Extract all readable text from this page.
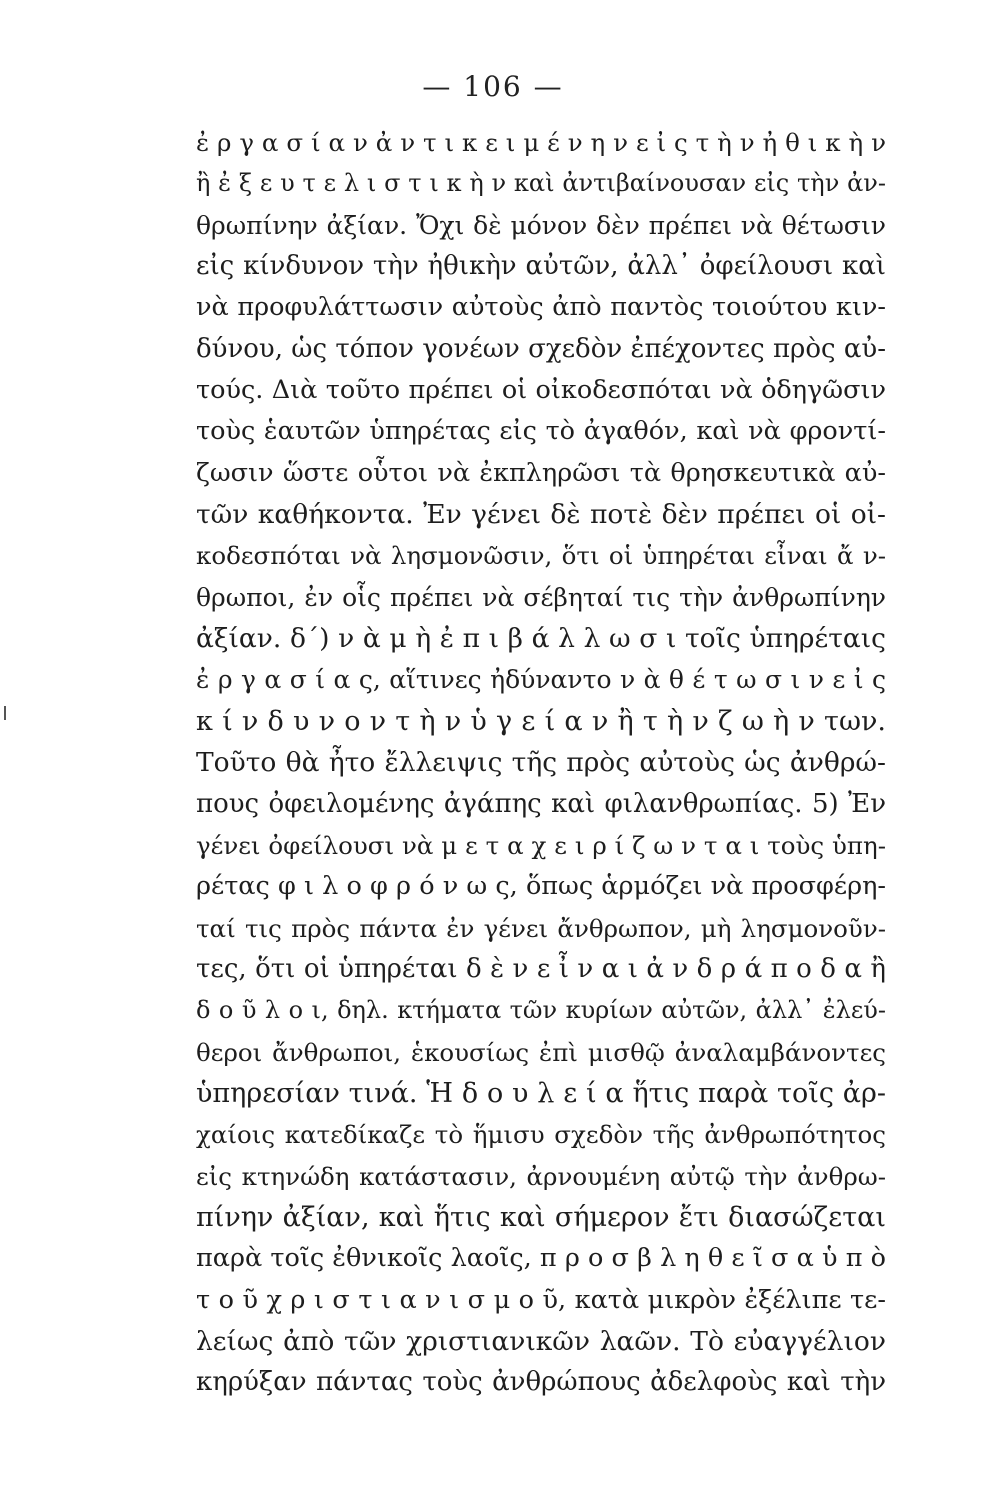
— 106 —
ἐ ρ γ α σ ί α ν ἀ ν τ ι κ ε ι μ έ ν η ν ε ἰ ς τ ὴ ν ἠ θ ι κ ὴ ν
ἢ ἐ ξ ε υ τ ε λ ι σ τ ι κ ὴ ν καὶ ἀντιβαίνουσαν εἰς τὴν ἀν-
θρωπίνην ἀξίαν. Ὄχι δὲ μόνον δὲν πρέπει νὰ θέτωσιν
εἰς κίνδυνον τὴν ἠθικὴν αὐτῶν, ἀλλ᾽ ὀφείλουσι καὶ
νὰ προφυλάττωσιν αὐτοὺς ἀπὸ παντὸς τοιούτου κιν-
δύνου, ὡς τόπον γονέων σχεδὸν ἐπέχοντες πρὸς αὐ-
τούς. Διὰ τοῦτο πρέπει οἱ οἰκοδεσπόται νὰ ὁδηγῶσιν
τοὺς ἑαυτῶν ὑπηρέτας εἰς τὸ ἀγαθόν, καὶ νὰ φροντί-
ζωσιν ὥστε οὗτοι νὰ ἐκπληρῶσι τὰ θρησκευτικὰ αὐ-
τῶν καθήκοντα. Ἐν γένει δὲ ποτὲ δὲν πρέπει οἱ οἰ-
κοδεσπόται νὰ λησμονῶσιν, ὅτι οἱ ὑπηρέται εἶναι ἄ ν-
θρωποι, ἐν οἷς πρέπει νὰ σέβηταί τις τὴν ἀνθρωπίνην
ἀξίαν. δ΄) ν ὰ μ ὴ ἐ π ι β ά λ λ ω σ ι τοῖς ὑπηρέταις
ἐ ρ γ α σ ί α ς, αἵτινες ἠδύναντο ν ὰ θ έ τ ω σ ι ν ε ἰ ς
κ ί ν δ υ ν ο ν τ ὴ ν ὑ γ ε ί α ν ἢ τ ὴ ν ζ ω ὴ ν των.
Τοῦτο θὰ ἦτο ἔλλειψις τῆς πρὸς αὐτοὺς ὡς ἀνθρώ-
πους ὀφειλομένης ἀγάπης καὶ φιλανθρωπίας. 5) Ἐν
γένει ὀφείλουσι νὰ μ ε τ α χ ε ι ρ ί ζ ω ν τ α ι τοὺς ὑπη-
ρέτας φ ι λ ο φ ρ ό ν ω ς, ὅπως ἁρμόζει νὰ προσφέρη-
ταί τις πρὸς πάντα ἐν γένει ἄνθρωπον, μὴ λησμονοῦν-
τες, ὅτι οἱ ὑπηρέται δ ὲ ν ε ἶ ν α ι ἀ ν δ ρ ά π ο δ α ἢ
δ ο ῦ λ ο ι, δηλ. κτήματα τῶν κυρίων αὐτῶν, ἀλλ᾽ ἐλεύ-
θεροι ἄνθρωποι, ἑκουσίως ἐπὶ μισθῷ ἀναλαμβάνοντες
ὑπηρεσίαν τινά. Ἡ δ ο υ λ ε ί α ἥτις παρὰ τοῖς ἀρ-
χαίοις κατεδίκαζε τὸ ἥμισυ σχεδὸν τῆς ἀνθρωπότητος
εἰς κτηνώδη κατάστασιν, ἀρνουμένη αὐτῷ τὴν ἀνθρω-
πίνην ἀξίαν, καὶ ἥτις καὶ σήμερον ἔτι διασώζεται
παρὰ τοῖς ἐθνικοῖς λαοῖς, π ρ ο σ β λ η θ ε ῖ σ α ὑ π ὸ
τ ο ῦ χ ρ ι σ τ ι α ν ι σ μ ο ῦ, κατὰ μικρὸν ἐξέλιπε τε-
λείως ἀπὸ τῶν χριστιανικῶν λαῶν. Τὸ εὐαγγέλιον
κηρύξαν πάντας τοὺς ἀνθρώπους ἀδελφοὺς καὶ τὴν
